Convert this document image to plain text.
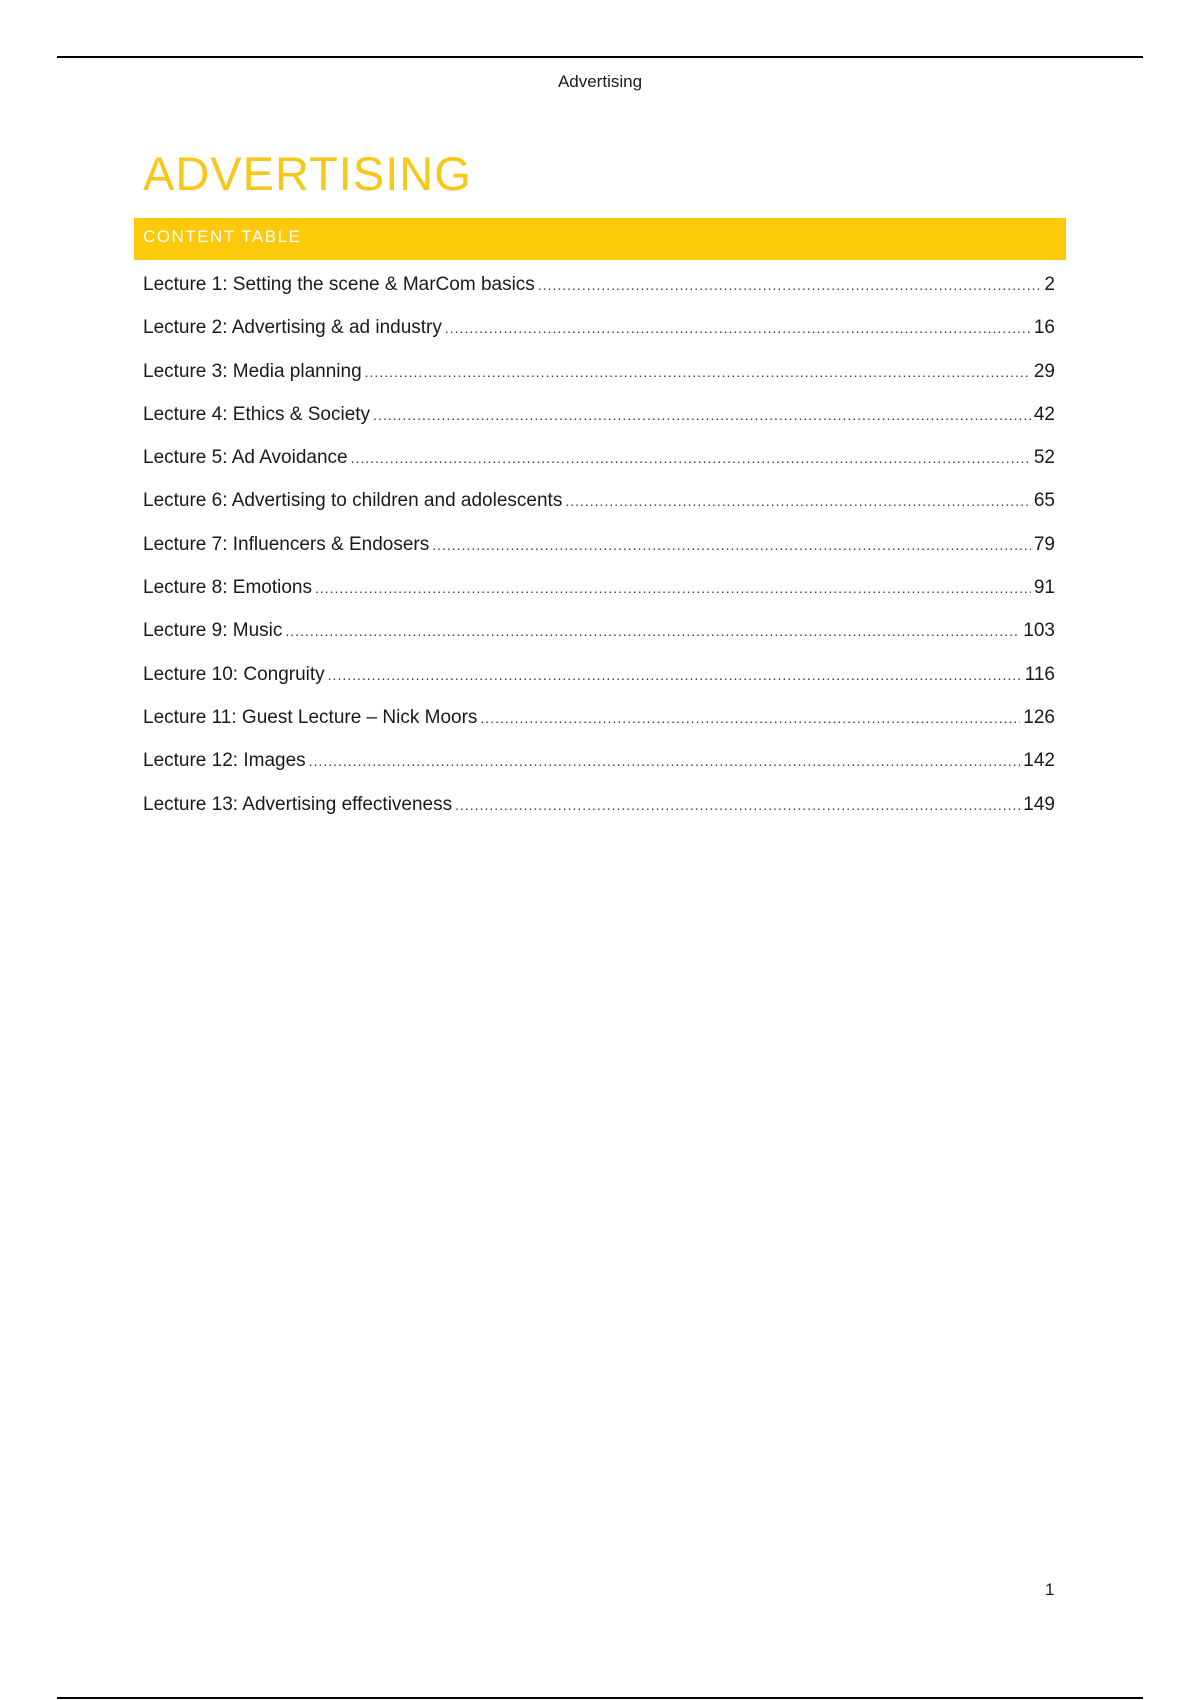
Advertising
ADVERTISING
CONTENT TABLE
Lecture 1: Setting the scene & MarCom basics .....	2
Lecture 2: Advertising & ad industry .....	16
Lecture 3: Media planning .....	29
Lecture 4: Ethics & Society .....	42
Lecture 5: Ad Avoidance .....	52
Lecture 6: Advertising to children and adolescents .....	65
Lecture 7: Influencers & Endosers .....	79
Lecture 8: Emotions .....	91
Lecture 9: Music .....	103
Lecture 10: Congruity .....	116
Lecture 11: Guest Lecture – Nick Moors .....	126
Lecture 12: Images .....	142
Lecture 13: Advertising effectiveness .....	149
1
